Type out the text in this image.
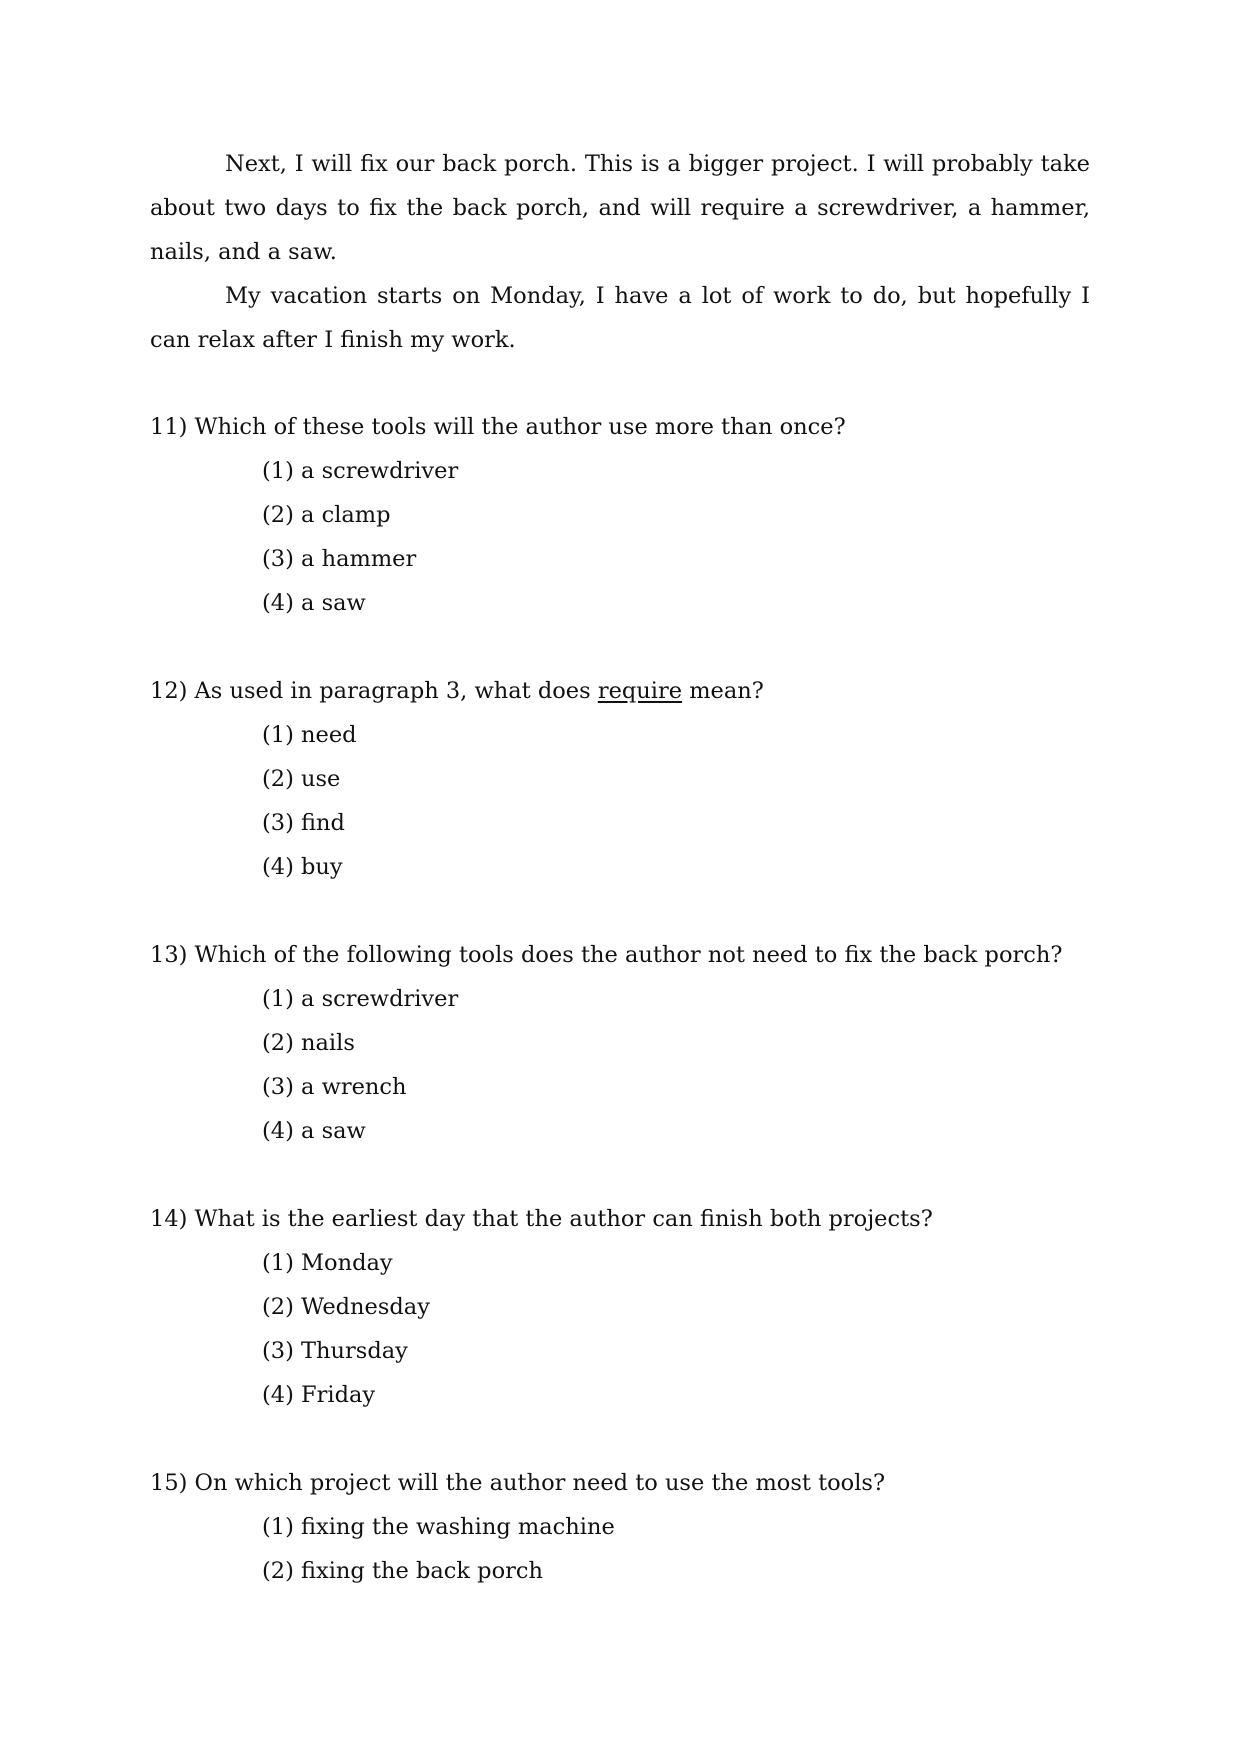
Next, I will fix our back porch. This is a bigger project. I will probably take about two days to fix the back porch, and will require a screwdriver, a hammer, nails, and a saw.

My vacation starts on Monday, I have a lot of work to do, but hopefully I can relax after I finish my work.

11) Which of these tools will the author use more than once?

(1) a screwdriver

(2) a clamp

(3) a hammer

(4) a saw

12) As used in paragraph 3, what does require mean?

(1) need

(2) use

(3) find

(4) buy

13) Which of the following tools does the author not need to fix the back porch?

(1) a screwdriver

(2) nails

(3) a wrench

(4) a saw

14) What is the earliest day that the author can finish both projects?

(1) Monday

(2) Wednesday

(3) Thursday

(4) Friday

15) On which project will the author need to use the most tools?

(1) fixing the washing machine

(2) fixing the back porch
